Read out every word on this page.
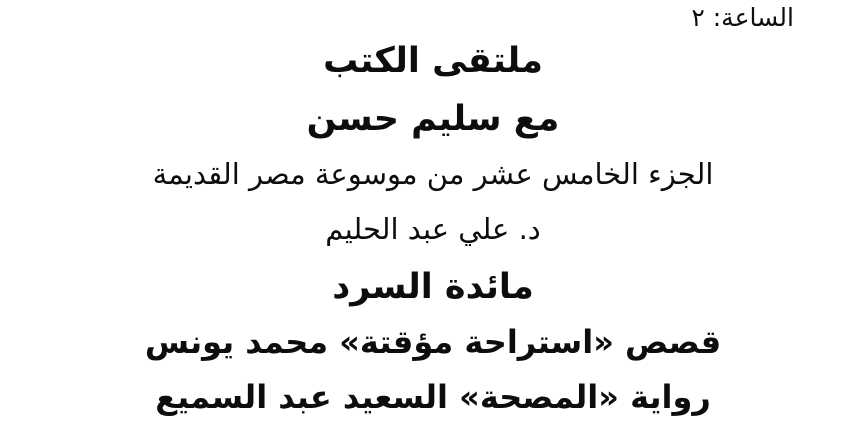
الساعة: ٢
ملتقى الكتب
مع سليم حسن
الجزء الخامس عشر من موسوعة مصر القديمة
د. علي عبد الحليم
مائدة السرد
قصص «استراحة مؤقتة» محمد يونس
رواية «المصحة» السعيد عبد السميع
